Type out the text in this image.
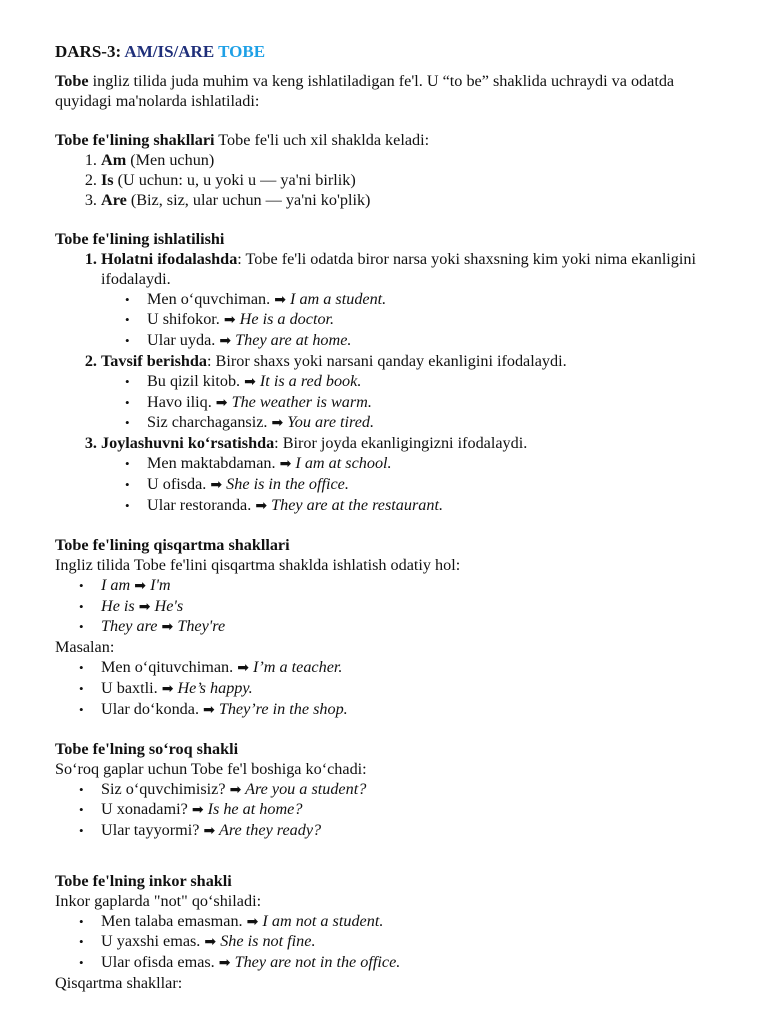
DARS-3: AM/IS/ARE TOBE

Tobe ingliz tilida juda muhim va keng ishlatiladigan fe'l. U “to be” shaklida uchraydi va odatda quyidagi ma'nolarda ishlatiladi:

Tobe fe'lining shakllari Tobe fe'li uch xil shaklda keladi:

1. Am (Men uchun)
2. Is (U uchun: u, u yoki u — ya'ni birlik)
3. Are (Biz, siz, ular uchun — ya'ni ko'plik)

Tobe fe'lining ishlatilishi

1. Holatni ifodalashda: Tobe fe'li odatda biror narsa yoki shaxsning kim yoki nima ekanligini ifodalaydi.
• Men o‘quvchiman. ➡ I am a student.
• U shifokor. ➡ He is a doctor.
• Ular uyda. ➡ They are at home.
2. Tavsif berishda: Biror shaxs yoki narsani qanday ekanligini ifodalaydi.
• Bu qizil kitob. ➡ It is a red book.
• Havo iliq. ➡ The weather is warm.
• Siz charchagansiz. ➡ You are tired.
3. Joylashuvni ko‘rsatishda: Biror joyda ekanligingizni ifodalaydi.
• Men maktabdaman. ➡ I am at school.
• U ofisda. ➡ She is in the office.
• Ular restoranda. ➡ They are at the restaurant.

Tobe fe'lining qisqartma shakllari

Ingliz tilida Tobe fe'lini qisqartma shaklda ishlatish odatiy hol:

• I am ➡ I'm
• He is ➡ He's
• They are ➡ They're

Masalan:

• Men o‘qituvchiman. ➡ I’m a teacher.
• U baxtli. ➡ He’s happy.
• Ular do‘konda. ➡ They’re in the shop.

Tobe fe'lning so‘roq shakli

So‘roq gaplar uchun Tobe fe'l boshiga ko‘chadi:

• Siz o‘quvchimisiz? ➡ Are you a student?
• U xonadami? ➡ Is he at home?
• Ular tayyormi? ➡ Are they ready?

Tobe fe'lning inkor shakli

Inkor gaplarda "not" qo‘shiladi:

• Men talaba emasman. ➡ I am not a student.
• U yaxshi emas. ➡ She is not fine.
• Ular ofisda emas. ➡ They are not in the office.

Qisqartma shakllar:
